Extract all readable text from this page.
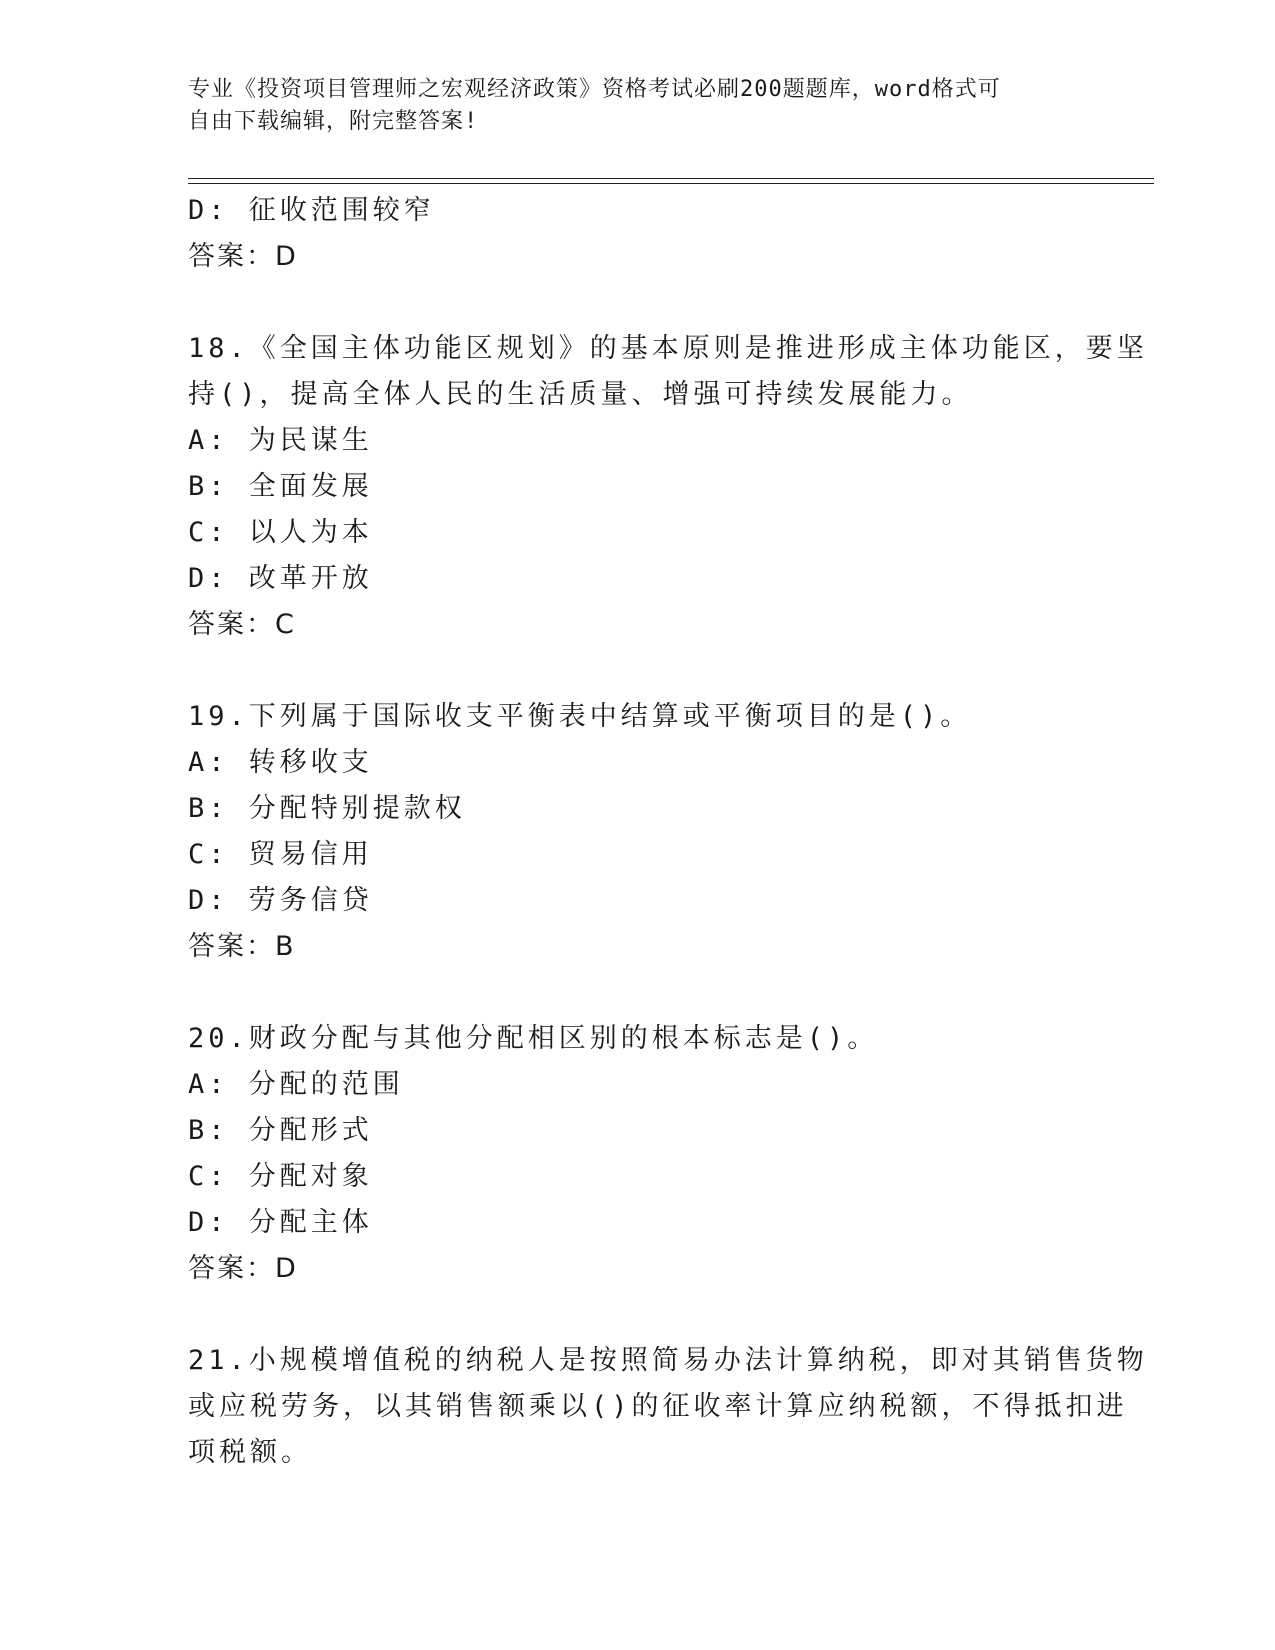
专业《投资项目管理师之宏观经济政策》资格考试必刷200题题库，word格式可
自由下载编辑，附完整答案!
D: 征收范围较窄
答案：D
18.《全国主体功能区规划》的基本原则是推进形成主体功能区，要坚
持()，提高全体人民的生活质量、增强可持续发展能力。
A: 为民谋生
B: 全面发展
C: 以人为本
D: 改革开放
答案：C
19.下列属于国际收支平衡表中结算或平衡项目的是()。
A: 转移收支
B: 分配特别提款权
C: 贸易信用
D: 劳务信贷
答案：B
20.财政分配与其他分配相区别的根本标志是()。
A: 分配的范围
B: 分配形式
C: 分配对象
D: 分配主体
答案：D
21.小规模增值税的纳税人是按照简易办法计算纳税，即对其销售货物
或应税劳务，以其销售额乘以()的征收率计算应纳税额，不得抵扣进
项税额。
